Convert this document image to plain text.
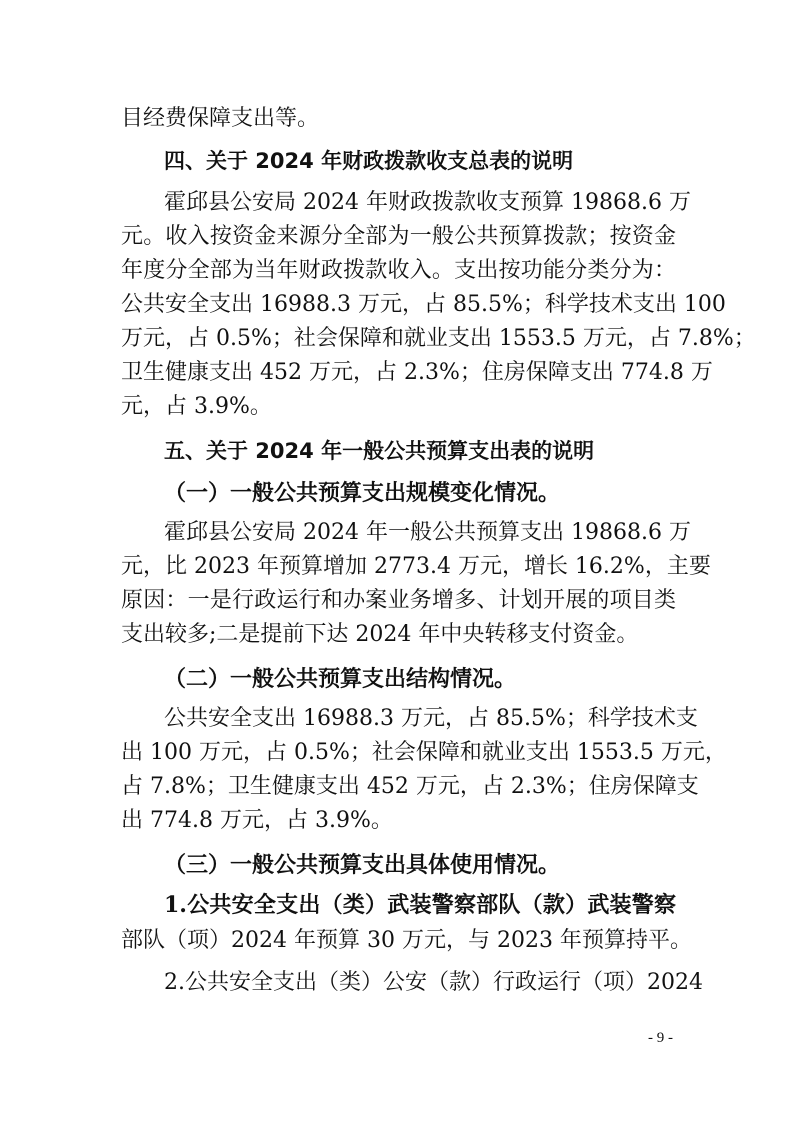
目经费保障支出等。
四、关于 2024 年财政拨款收支总表的说明
霍邱县公安局 2024 年财政拨款收支预算 19868.6 万
元。收入按资金来源分全部为一般公共预算拨款；按资金
年度分全部为当年财政拨款收入。支出按功能分类分为：
公共安全支出 16988.3 万元，占 85.5%；科学技术支出 100
万元，占 0.5%；社会保障和就业支出 1553.5 万元，占 7.8%；
卫生健康支出 452 万元，占 2.3%；住房保障支出 774.8 万
元，占 3.9%。
五、关于 2024 年一般公共预算支出表的说明
（一）一般公共预算支出规模变化情况。
霍邱县公安局 2024 年一般公共预算支出 19868.6 万
元，比 2023 年预算增加 2773.4 万元，增长 16.2%，主要
原因：一是行政运行和办案业务增多、计划开展的项目类
支出较多;二是提前下达 2024 年中央转移支付资金。
（二）一般公共预算支出结构情况。
公共安全支出 16988.3 万元，占 85.5%；科学技术支
出 100 万元，占 0.5%；社会保障和就业支出 1553.5 万元，
占 7.8%；卫生健康支出 452 万元，占 2.3%；住房保障支
出 774.8 万元，占 3.9%。
（三）一般公共预算支出具体使用情况。
1.公共安全支出（类）武装警察部队（款）武装警察
部队（项）2024 年预算 30 万元，与 2023 年预算持平。
2.公共安全支出（类）公安（款）行政运行（项）2024
- 9 -
